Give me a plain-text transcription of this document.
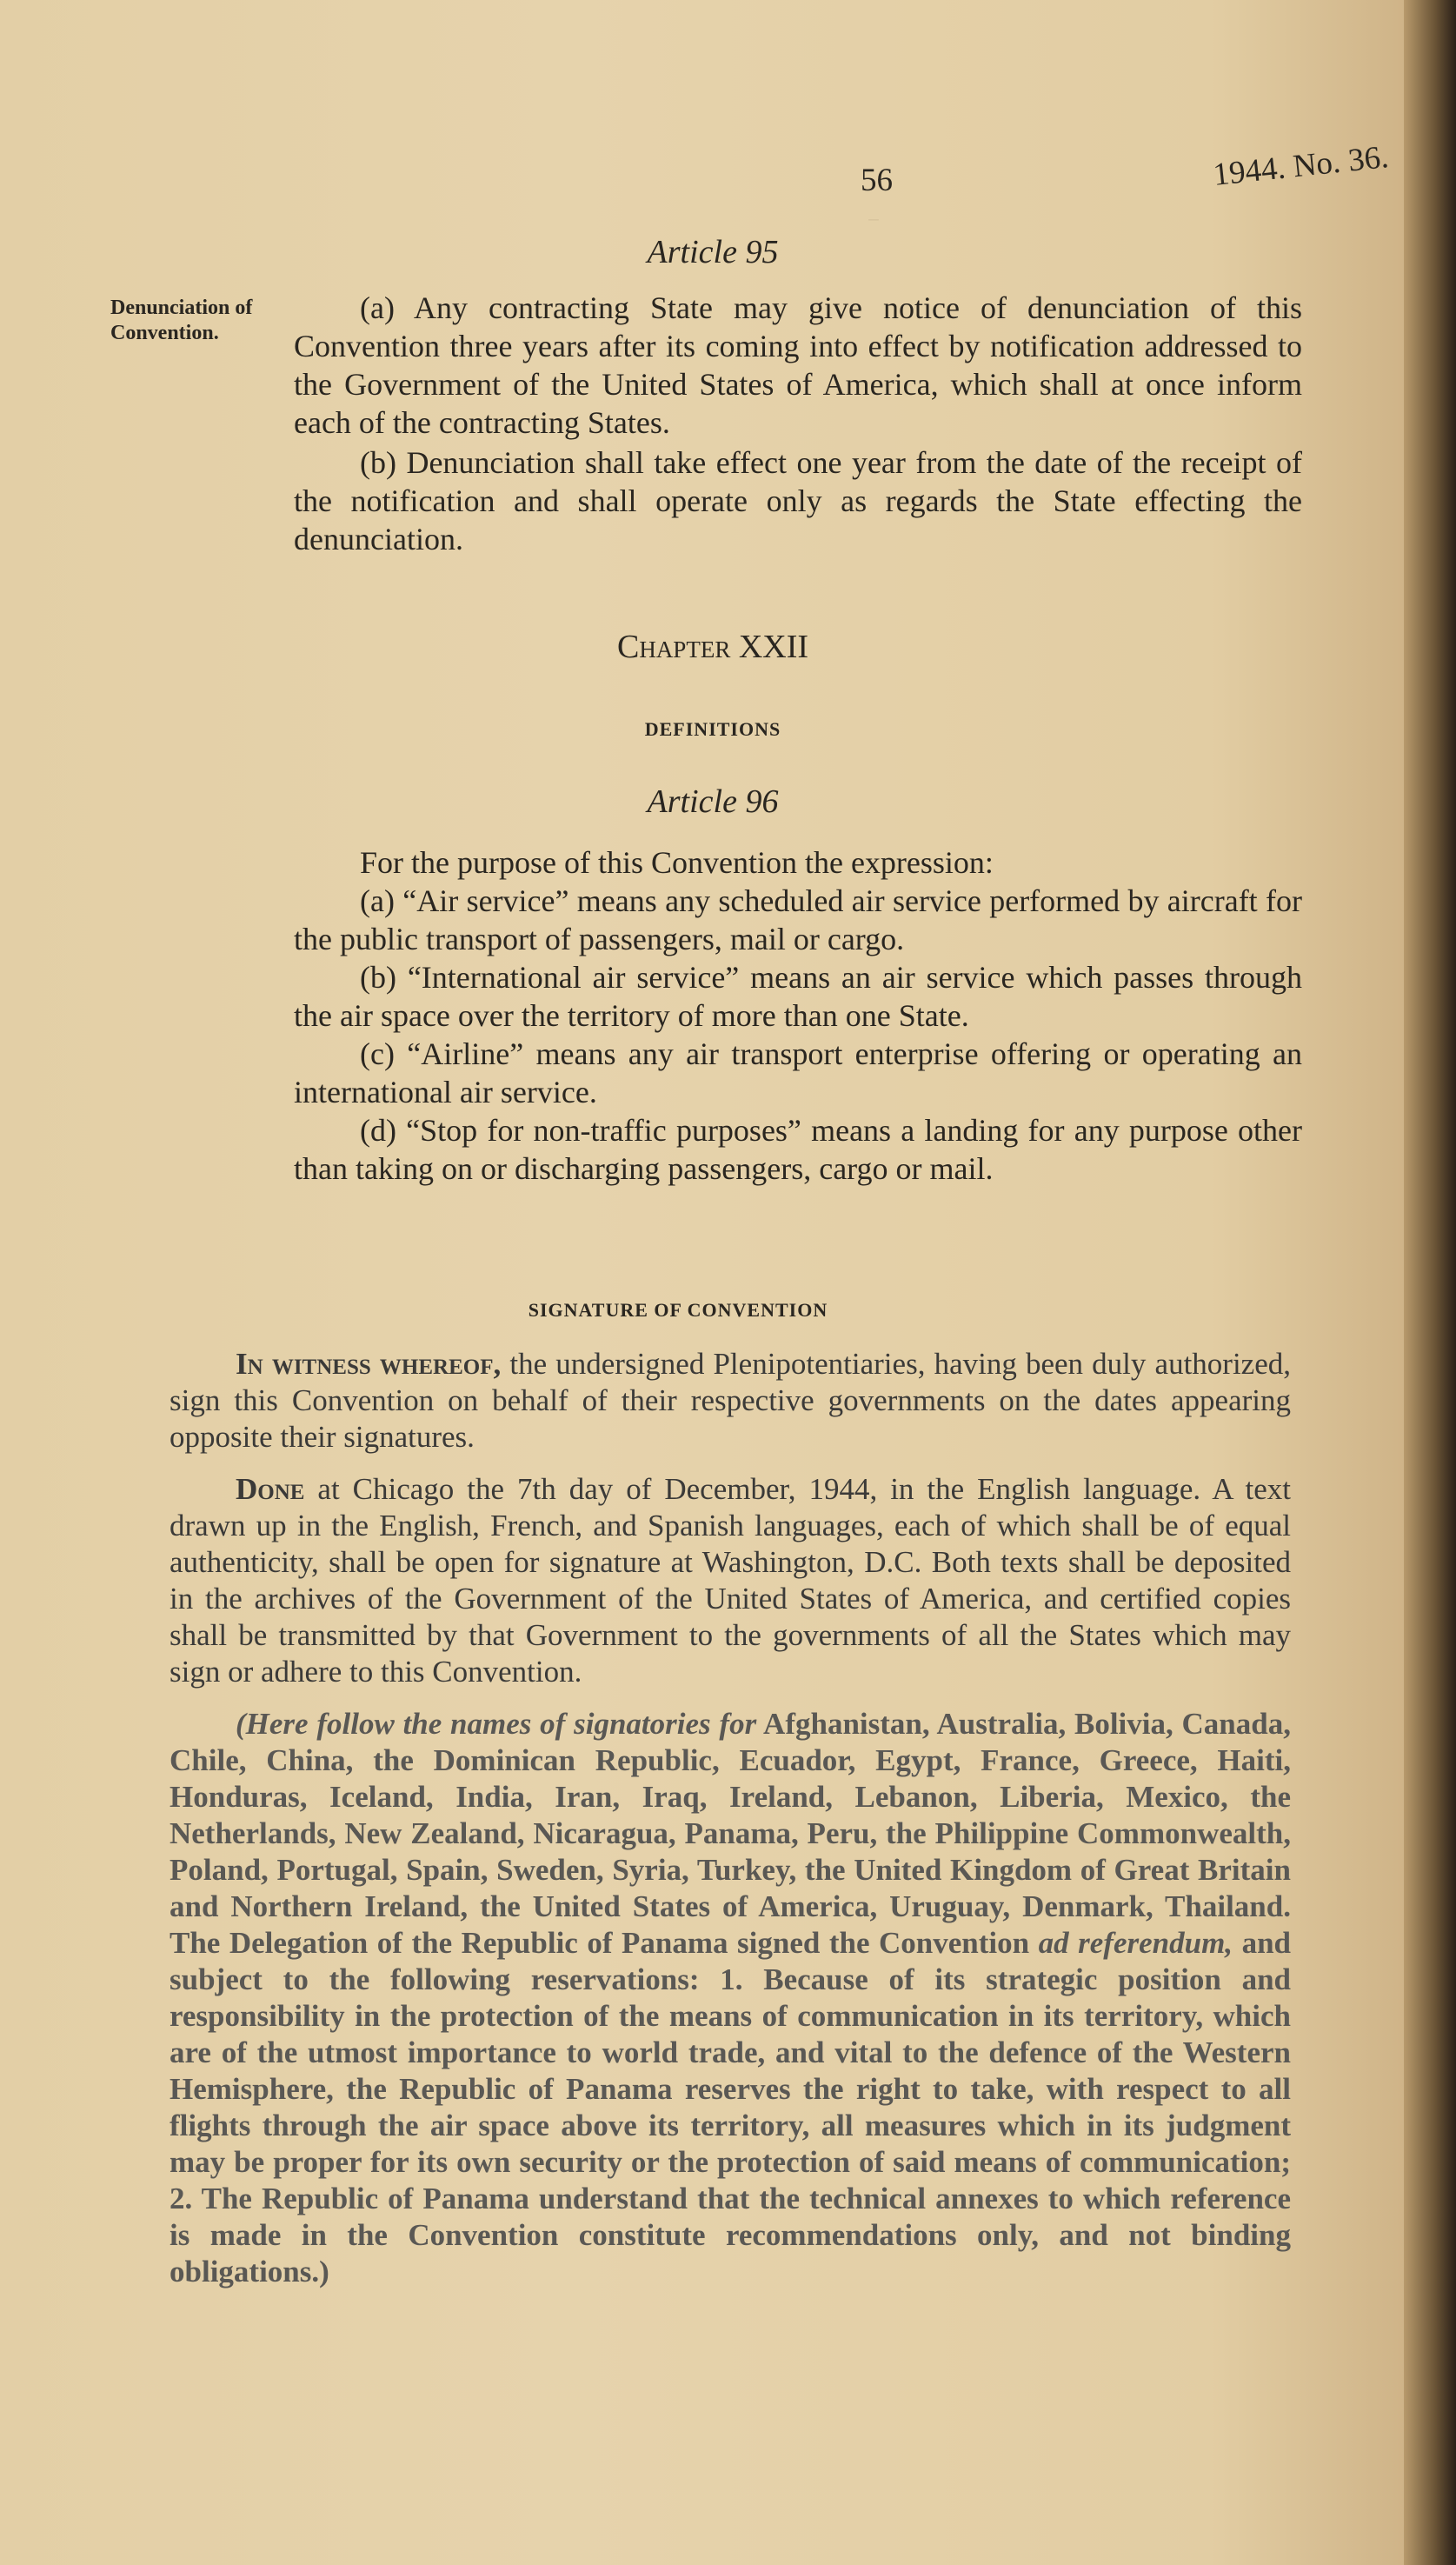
‾
56	1944. No. 36.
Article 95
Denunciation of Convention.

(a) Any contracting State may give notice of denunciation of this Convention three years after its coming into effect by notification addressed to the Government of the United States of America, which shall at once inform each of the contracting States.

(b) Denunciation shall take effect one year from the date of the receipt of the notification and shall operate only as regards the State effecting the denunciation.

Chapter XXII
DEFINITIONS
Article 96

For the purpose of this Convention the expression:

(a) “Air service” means any scheduled air service performed by aircraft for the public transport of passengers, mail or cargo.

(b) “International air service” means an air service which passes through the air space over the territory of more than one State.

(c) “Airline” means any air transport enterprise offering or operating an international air service.

(d) “Stop for non-traffic purposes” means a landing for any purpose other than taking on or discharging passengers, cargo or mail.

SIGNATURE OF CONVENTION

In witness whereof, the undersigned Plenipotentiaries, having been duly authorized, sign this Convention on behalf of their respective governments on the dates appearing opposite their signatures.

Done at Chicago the 7th day of December, 1944, in the English language. A text drawn up in the English, French, and Spanish languages, each of which shall be of equal authenticity, shall be open for signature at Washington, D.C. Both texts shall be deposited in the archives of the Government of the United States of America, and certified copies shall be transmitted by that Government to the governments of all the States which may sign or adhere to this Convention.

(Here follow the names of signatories for Afghanistan, Australia, Bolivia, Canada, Chile, China, the Dominican Republic, Ecuador, Egypt, France, Greece, Haiti, Honduras, Iceland, India, Iran, Iraq, Ireland, Lebanon, Liberia, Mexico, the Netherlands, New Zealand, Nicaragua, Panama, Peru, the Philippine Commonwealth, Poland, Portugal, Spain, Sweden, Syria, Turkey, the United Kingdom of Great Britain and Northern Ireland, the United States of America, Uruguay, Denmark, Thailand. The Delegation of the Republic of Panama signed the Convention ad referendum, and subject to the following reservations: 1. Because of its strategic position and responsibility in the protection of the means of communication in its territory, which are of the utmost importance to world trade, and vital to the defence of the Western Hemisphere, the Republic of Panama reserves the right to take, with respect to all flights through the air space above its territory, all measures which in its judgment may be proper for its own security or the protection of said means of communication; 2. The Republic of Panama understand that the technical annexes to which reference is made in the Convention constitute recommendations only, and not binding obligations.)
